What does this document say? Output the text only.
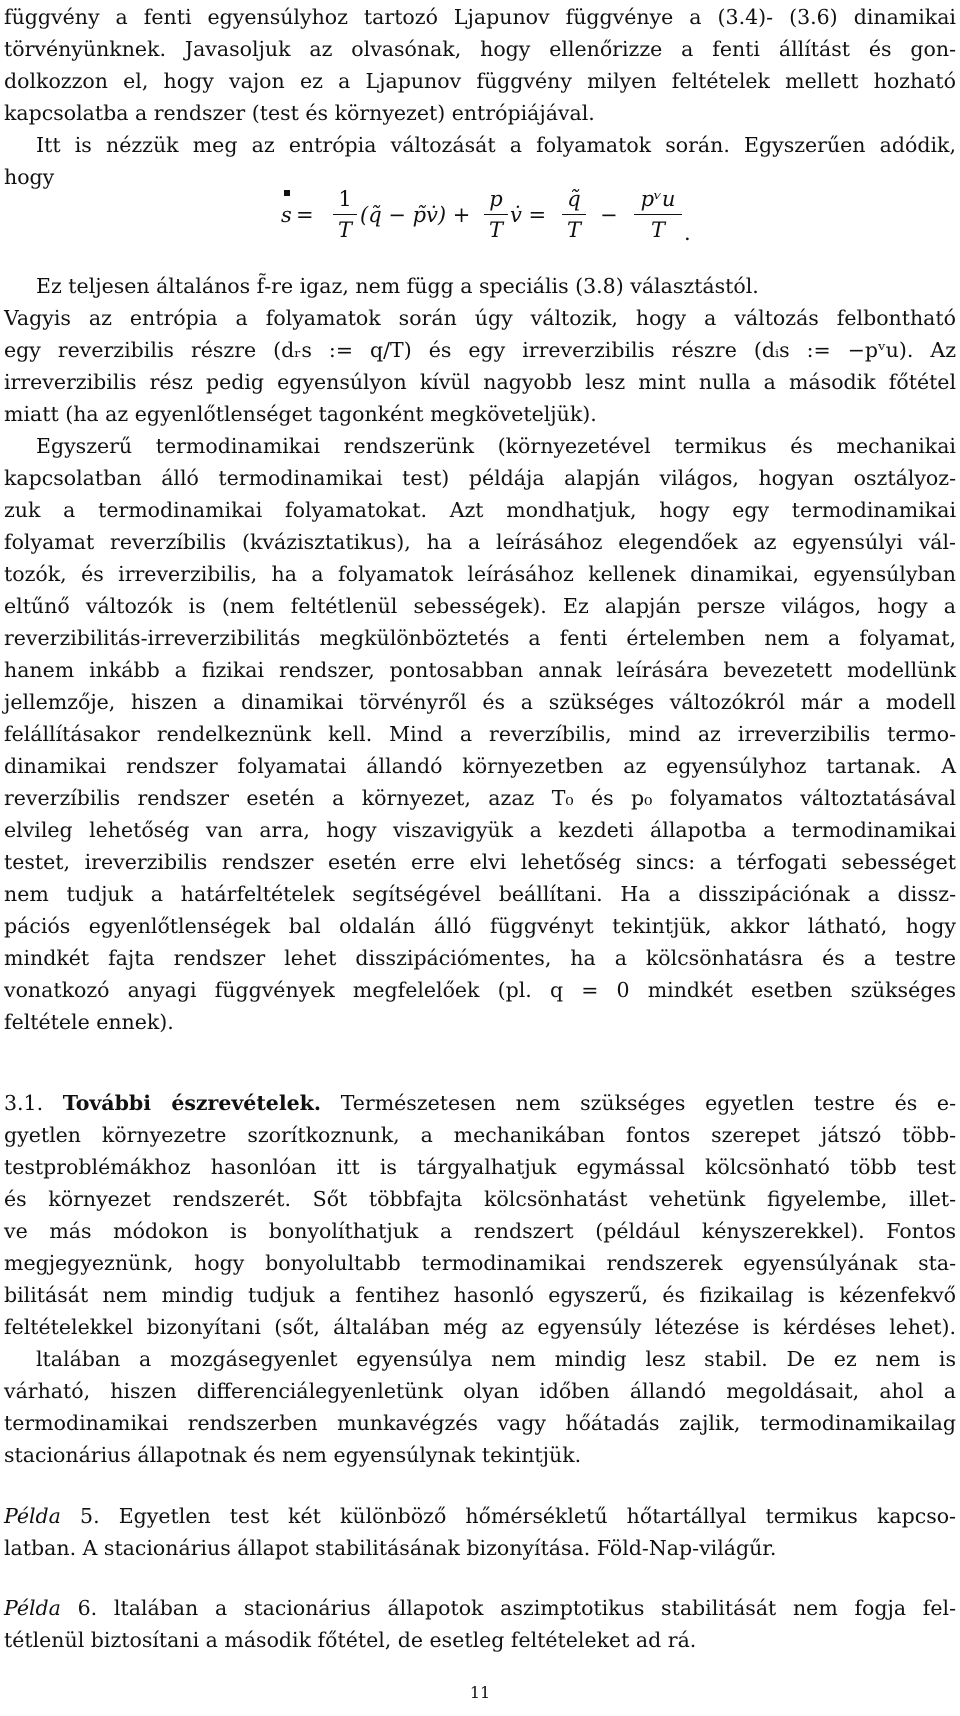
függvény a fenti egyensúlyhoz tartozó Ljapunov függvénye a (3.4)- (3.6) dinamikai
törvényünknek. Javasoljuk az olvasónak, hogy ellenőrizze a fenti állítást és gon-
dolkozzon el, hogy vajon ez a Ljapunov függvény milyen feltételek mellett hozható
kapcsolatba a rendszer (test és környezet) entrópiájával.
Itt is nézzük meg az entrópia változását a folyamatok során. Egyszerűen adódik,
hogy
$s = \frac{1}{T}$ (q̃ − p̃v̇) + $\frac{p}{T}$ v̇ = $\frac{q̃}{T}$ −
pᵛu
T .
Ez teljesen általános f̃-re igaz, nem függ a speciális (3.8) választástól.
Vagyis az entrópia a folyamatok során úgy változik, hogy a változás felbontható
egy reverzibilis részre (dᵣs := q/T) és egy irreverzibilis részre (dᵢs := −pᵛu). Az
irreverzibilis rész pedig egyensúlyon kívül nagyobb lesz mint nulla a második főtétel
miatt (ha az egyenlőtlenséget tagonként megköveteljük).
Egyszerű termodinamikai rendszerünk (környezetével termikus és mechanikai
kapcsolatban álló termodinamikai test) példája alapján világos, hogyan osztályoz-
zuk a termodinamikai folyamatokat. Azt mondhatjuk, hogy egy termodinamikai
folyamat reverzíbilis (kvázisztatikus), ha a leírásához elegendőek az egyensúlyi vál-
tozók, és irreverzibilis, ha a folyamatok leírásához kellenek dinamikai, egyensúlyban
eltűnő változók is (nem feltétlenül sebességek). Ez alapján persze világos, hogy a
reverzibilitás-irreverzibilitás megkülönböztetés a fenti értelemben nem a folyamat,
hanem inkább a fizikai rendszer, pontosabban annak leírására bevezetett modellünk
jellemzője, hiszen a dinamikai törvényről és a szükséges változókról már a modell
felállításakor rendelkeznünk kell. Mind a reverzíbilis, mind az irreverzibilis termo-
dinamikai rendszer folyamatai állandó környezetben az egyensúlyhoz tartanak. A
reverzíbilis rendszer esetén a környezet, azaz T₀ és p₀ folyamatos változtatásával
elvileg lehetőség van arra, hogy viszavigyük a kezdeti állapotba a termodinamikai
testet, ireverzibilis rendszer esetén erre elvi lehetőség sincs: a térfogati sebességet
nem tudjuk a határfeltételek segítségével beállítani. Ha a disszipációnak a dissz-
pációs egyenlőtlenségek bal oldalán álló függvényt tekintjük, akkor látható, hogy
mindkét fajta rendszer lehet disszipációmentes, ha a kölcsönhatásra és a testre
vonatkozó anyagi függvények megfelelőek (pl. q = 0 mindkét esetben szükséges
feltétele ennek).
3.1. További észrevételek. Természetesen nem szükséges egyetlen testre és e-
gyetlen környezetre szorítkoznunk, a mechanikában fontos szerepet játszó több-
testproblémákhoz hasonlóan itt is tárgyalhatjuk egymással kölcsönható több test
és környezet rendszerét. Sőt többfajta kölcsönhatást vehetünk figyelembe, illet-
ve más módokon is bonyolíthatjuk a rendszert (például kényszerekkel). Fontos
megjegyeznünk, hogy bonyolultabb termodinamikai rendszerek egyensúlyának sta-
bilitását nem mindig tudjuk a fentihez hasonló egyszerű, és fizikailag is kézenfekvő
feltételekkel bizonyítani (sőt, általában még az egyensúly létezése is kérdéses lehet).
ltalában a mozgásegyenlet egyensúlya nem mindig lesz stabil. De ez nem is
várható, hiszen differenciálegyenletünk olyan időben állandó megoldásait, ahol a
termodinamikai rendszerben munkavégzés vagy hőátadás zajlik, termodinamikailag
stacionárius állapotnak és nem egyensúlynak tekintjük.
Példa 5. Egyetlen test két különböző hőmérsékletű hőtartállyal termikus kapcso-
latban. A stacionárius állapot stabilitásának bizonyítása. Föld-Nap-világűr.
Példa 6. ltalában a stacionárius állapotok aszimptotikus stabilitását nem fogja fel-
tétlenül biztosítani a második főtétel, de esetleg feltételeket ad rá.
11
